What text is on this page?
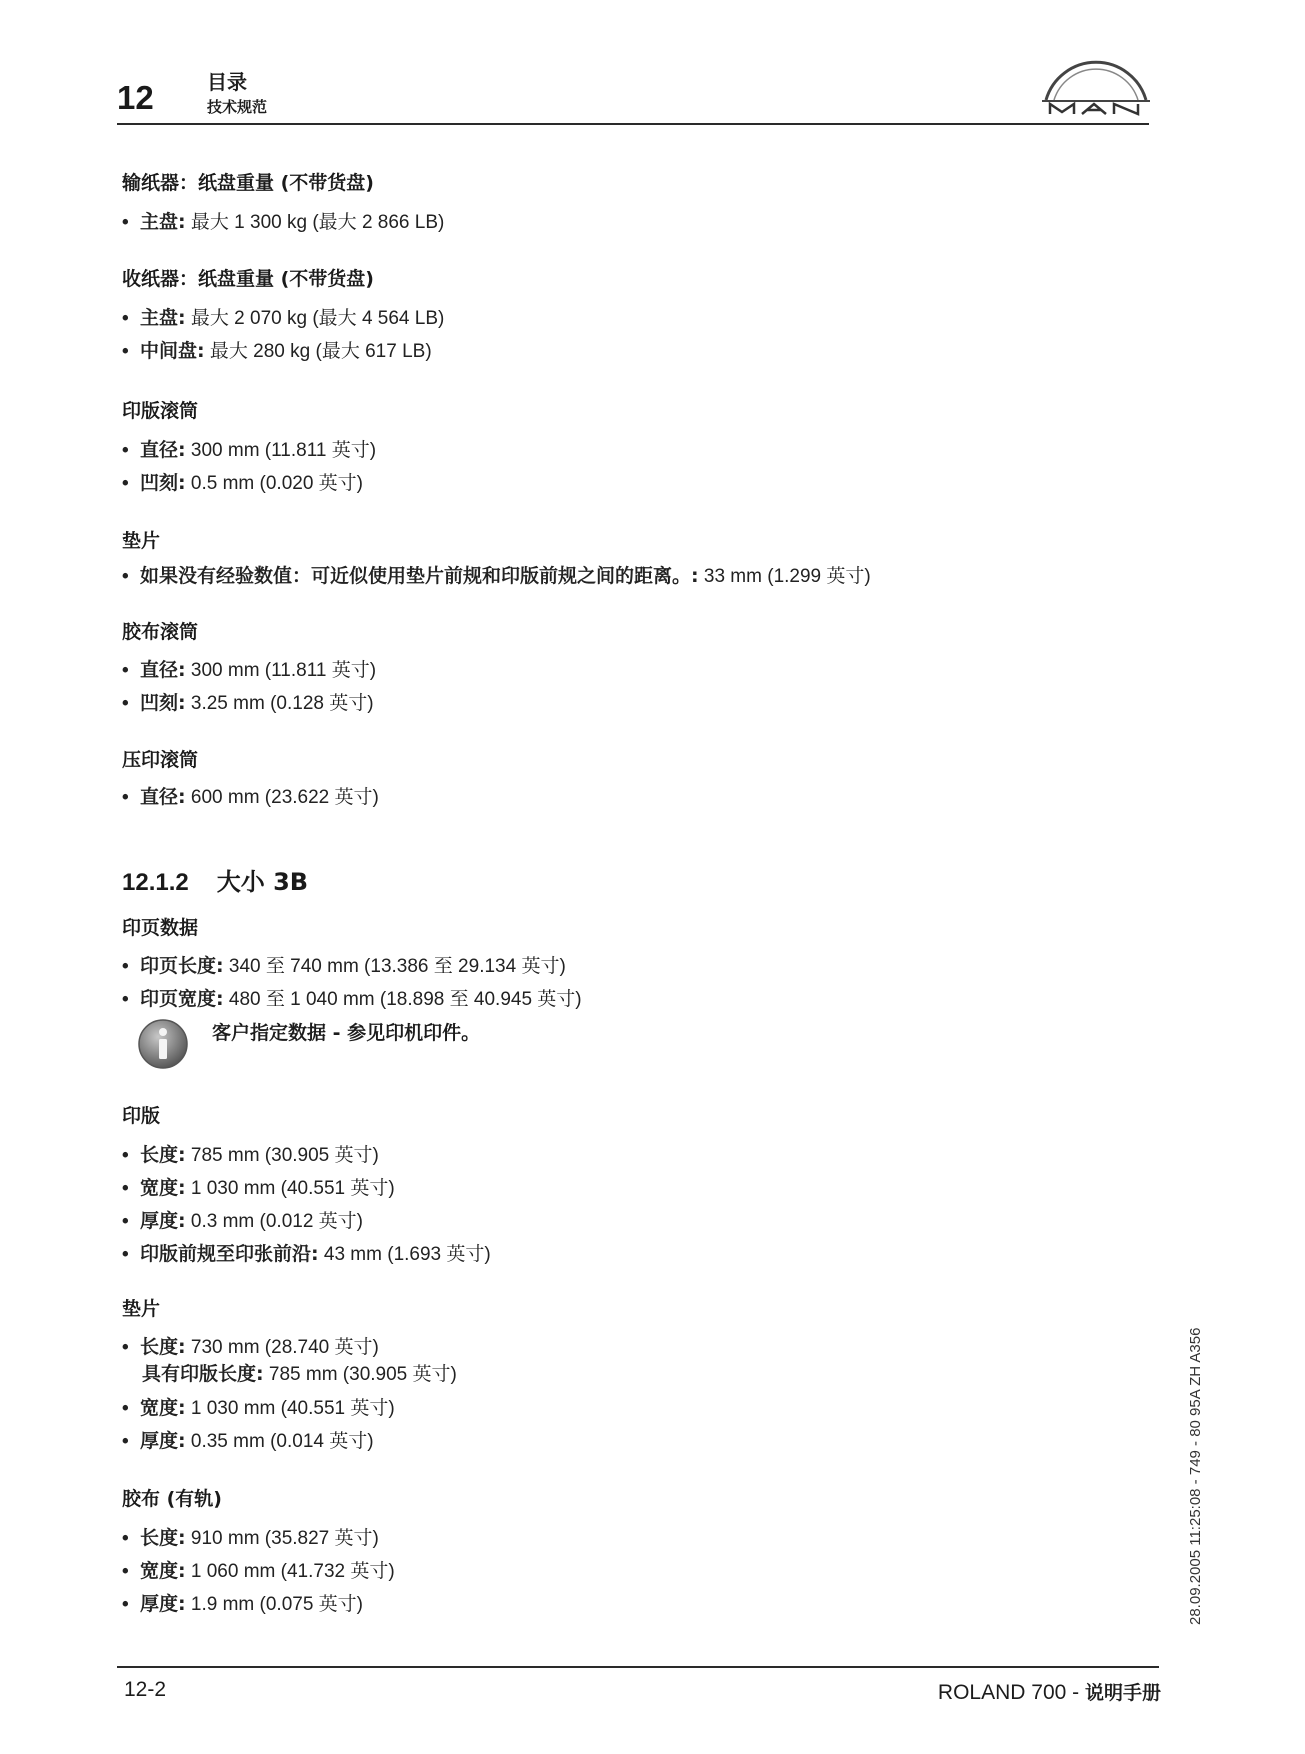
12	目录
技术规范
输纸器：纸盘重量 (不带货盘)
• 主盘: 最大 1 300 kg (最大 2 866 LB)
收纸器：纸盘重量 (不带货盘)
• 主盘: 最大 2 070 kg (最大 4 564 LB)
• 中间盘: 最大 280 kg (最大 617 LB)
印版滚筒
• 直径: 300 mm (11.811 英寸)
• 凹刻: 0.5 mm (0.020 英寸)
垫片
• 如果没有经验数值：可近似使用垫片前规和印版前规之间的距离。: 33 mm (1.299 英寸)
胶布滚筒
• 直径: 300 mm (11.811 英寸)
• 凹刻: 3.25 mm (0.128 英寸)
压印滚筒
• 直径: 600 mm (23.622 英寸)
12.1.2 大小 3B
印页数据
• 印页长度: 340 至 740 mm (13.386 至 29.134 英寸)
• 印页宽度: 480 至 1 040 mm (18.898 至 40.945 英寸)
客户指定数据 - 参见印机印件。
印版
• 长度: 785 mm (30.905 英寸)
• 宽度: 1 030 mm (40.551 英寸)
• 厚度: 0.3 mm (0.012 英寸)
• 印版前规至印张前沿: 43 mm (1.693 英寸)
垫片
• 长度: 730 mm (28.740 英寸)
具有印版长度: 785 mm (30.905 英寸)
• 宽度: 1 030 mm (40.551 英寸)
• 厚度: 0.35 mm (0.014 英寸)
胶布 (有轨)
• 长度: 910 mm (35.827 英寸)
• 宽度: 1 060 mm (41.732 英寸)
• 厚度: 1.9 mm (0.075 英寸)	28.09.2005 11:25:08 - 749 - 80 95A ZH A356
12-2	ROLAND 700 - 说明手册
